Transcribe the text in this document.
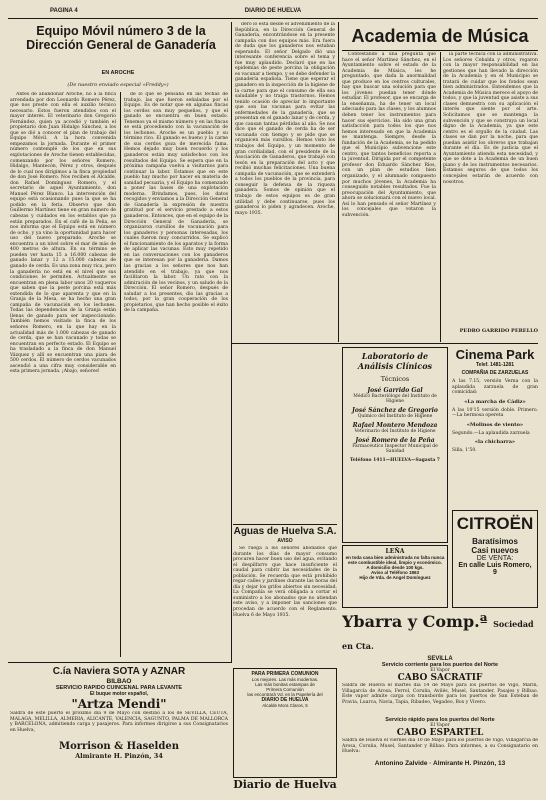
PAGINA 4	DIARIO DE HUELVA
Equipo Móvil número 3 de la Dirección General de Ganadería
EN AROCHE
(De nuestro enviado especial «Freddy»)

Antes de abandonar Aroche, no a la finca arrendada por don Leonardo Romero Pérez, que nos preste con ella el auxilio técnico necesario. Estos fueron atendidos con el mayor interés. El veterinario don Gregorio Fernández, quien ya accedió y también el propietario don Juan Hidalgo Sánchez, a los que se dió a conocer el plan de trabajo del Equipo Móvil. A la hora convenida empezamos la jornada. Durante el primer número contemplé de los que en sus explotaciones de Aroche tienen establecidas, comenzando por los señores Romero, Hidalgo, Mantecón, Pérez y otros, después de lo cual nos dirigimos a la finca propiedad de don José Romero. Nos reciben el Alcalde, don Rafael Domínguez Romero, y el secretario de aquel Ayuntamiento, don Manuel Pérez Blanco. La intervención del equipo está ocasionando pues la que se ha podido en la feria. Observo que don Guillermo Martínez tiene en gran número de cabezas y cuidados en los establos que ya están preparados. En el café de la Peña, se nos informa que el Equipo está en número de ocho, y ya vino la oportunidad para hacer uso del nuevo preparado. Aroche se encuentra a un nivel sobre el mar de más de 400 metros de altura. En su término se pueden ver hasta 15 a 16.000 cabezas de ganado lanar y 12 a 15.000 cabezas de ganado de cerda. Es una zona muy rica, pero la ganadería no está en el nivel que sus condiciones le permiten. Actualmente se encuentran en plena labor unos 20 vaqueros que saben que la peste porcina está más extendida de lo que aparenta y que en la Granja de la Mesa, se ha hecho una gran campaña de vacunación en los lechones. Todas las dependencias de la Granja están llenas de ganado para ser inspeccionado. También hemos visitado la finca de los señores Romero, en la que hay en la actualidad más de 1.000 cabezas de ganado de cerda, que se han vacunado y todas se encuentran en perfecto estado. El Equipo se ha trasladado a la finca de don Manuel Vázquez y allí se encuentran una piara de 500 cerdos. El número de cerdos vacunados ascendió a una cifra muy considerable en esta primera jornada. ¡Abajo, señores!

de lo que se pensaba en las fechas de trabajo, las que fueron señaladas por el Equipo. Es de notar que en algunas fincas los cerdos son muy pequeños, y que el ganado se encuentra en buen estado. Tenemos ya el mismo número y en las fincas se está procediendo con la vacunación de los lechones. Aroche es un pueblo y su término rico. El ganado es bueno y la carne de sus cerdos goza de merecida fama. Hemos dejado muy buen recuerdo y los ganaderos están muy satisfechos con los resultados del Equipo. Se espera que en la próxima campaña vuelva a visitarnos para continuar la labor. Estamos que en este pueblo hay mucho por hacer en materia de sanidad pecuaria, y el Equipo ha comenzado a poner las bases de una explotación moderna. Brindamos, pues, los datos recogidos y enviamos a la Dirección General de Ganadería la expresión de nuestra gratitud por el servicio prestado a estos ganaderos. Entonces, que en el equipo de la Dirección General de Ganadería, se organizaron cursillos de vacunación para los ganaderos y personas interesadas, los cuales fueron muy concurridos. Se explicó el funcionamiento de los aparatos y la forma de aplicar las vacunas. Esto muy repetido en las conversaciones con los ganaderos que se interesan por la ganadería. Damos las gracias a los señores que nos han atendido en el trabajo, ya que nos facilitaron la labor. Un rato con la admiración de los vecinos, y un saludo de la Dirección. El señor Romero, después de saludar a los presentes, dio las gracias a todos, por la gran cooperación de los propietarios, que han hecho posible el éxito de la campaña.

dero lo está desde el advenimiento de la República, en la Dirección General de Ganadería, encontrándose en la presente campaña con dos equipos más. Era fuera de duda que los ganaderos nos estaban esperando. El señor Delgado dió una interesante conferencia sobre el tema y fue muy aplaudido. Declaró que en las epidemias de peste porcina la obligación es vacunar a tiempo, y se debe defender la ganadería española. Tiene que esperar el ganadero en la inspección de la higiene de la carne para que el consumo de ella sea saludable y no traiga trastornos. Hemos tenido ocasión de apreciar lo importante que son las vacunas para evitar las enfermedades de la ganadería, que se presentan en el ganado lanar y de cerda, y que causan tantas pérdidas al año. Se nos dice que el ganado de cerda ha de ser vacunado con tiempo y se pide que se organicen más cursillos. Hemos visto los trabajos del Equipo, y un momento de gran cordialidad, con el presidente de la Asociación de Ganaderos, que trabajó con tesón en la preparación del acto y que recibió muchas felicitaciones. Una buena campaña de vacunación, que se extenderá a todos los pueblos de la provincia, para conseguir la defensa de la riqueza ganadera. Somos de opinión que el trabajo de estos equipos es de gran utilidad y debe continuarse, pues los ganaderos lo piden y agradecen. Aroche, mayo 1935.

Aguas de Huelva S.A.
AVISO

Se ruega a los señores abonados que durante los días de mayor consumo procuren hacer buen uso del agua, evitando el despilfarro que hace insuficiente el caudal para cubrir las necesidades de la población. Se recuerda que está prohibido regar calles y jardines durante las horas del día y dejar los grifos abiertos sin necesidad. La Compañía se verá obligada a cortar el suministro a los abonados que no atiendan este aviso, y a imponer las sanciones que procedan de acuerdo con el Reglamento. Huelva 6 de Mayo 1935.

PARA PRIMERA COMUNION
Los mejores. Las más modernas.
Las más bonitas estampas de
Primera Comunión
las encontrará Vd. en la Papelería del
DIARIO DE HUELVA
Alcalde Mora Claros, 5
Diario de Huelva
Academia de Música

Contestando a una pregunta que hace el señor Martínez Sánchez, en el Ayuntamiento sobre el estado de la Academia de Música, les he preguntado, que dada la anormalidad que produce en los centros culturales, hay que buscar una solución para que los jóvenes puedan tener dónde estudiar. El profesor, que se encarga de la enseñanza, ha de tener un local adecuado para las clases, y los alumnos deben tener los instrumentos para hacer sus ejercicios. Ha sido una gran satisfacción para todos los que nos hemos interesado en que la Academia se mantenga. Siempre, desde la fundación de la Academia, se ha pedido que el Municipio subvencione este centro, que tantos beneficios reporta a la juventud. Dirigida por el competente profesor don Eduardo Sánchez Ríos, con un plan de estudios bien organizado, y el alumnado compuesto por muchos jóvenes, la Academia ha conseguido notables resultados. Fue la preocupación del Ayuntamiento, que ahora se solucionará con el nuevo local. Así lo han pensado el señor Martínez y los concejales que votaron la subvención.

la parte técnica con la administrativa. Los señores Cebalda y otros, rogaron con la mayor responsabilidad en las gestiones que han llevado la dirección de la Academia y en el Municipio se tratará de cuidar que los fondos sean bien administrados. Entendemos que la Academia de Música merece el apoyo de todos, y que la juventud que asiste a sus clases demuestra con su aplicación el interés que siente por el arte. Solicitamos que se mantenga la subvención y que se construya un local digno de la Academia, ya que este centro es el orgullo de la ciudad. Las clases se dan por la noche, para que puedan asistir los obreros que trabajan durante el día. Es de justicia que el Ayuntamiento atienda esta necesidad, y que se dote a la Academia de un buen piano y de los instrumentos necesarios. Estamos seguros de que todos los concejales estarán de acuerdo con nosotros.

PEDRO GARRIDO PERELLÓ
Laboratorio de Análisis Clínicos
Técnicos
José Garrido Gal
Médico Bacteriólogo del Instituto de Higiene
José Sánchez de Gregorio
Químico del Instituto de Higiene
Rafael Montero Mendoza
Veterinario del Instituto de Higiene
José Romero de la Peña
Farmacéutico Inspector Municipal de Sanidad
Teléfono 1411—HUELVA—Sagasta 7
LEÑA
en toda casa bien administrada no falta nunca este combustible ideal, limpio y económico.
A domicilio desde 100 kgs.
Aviso al Teléfono 1863
Hijo de Vda. de Angel Domínguez
Cinema Park
Telef. 1481-1281
COMPAÑIA DE ZARZUELAS
A las 7.15, versión Verna con la aplaudida zarzuela de gran comicidad:
«La marcha de Cádiz»
A las 10'15 versión doble. Primero.—La hermosa opereta
«Molinos de viento»
Segundo.—La aplaudida zarzuela
«la chicharra»
Silla, 1'50.
CITROËN
Baratísimos
Casi nuevos
DE VENTA:
En calle Luis Romero, 9
Ybarra y Comp.ª Sociedad en Cta.
SEVILLA
Servicio corriente para los puertos del Norte
El Vapor
CABO SACRATIF
Saldrá de Huelva el martes día 14 de Mayo para los puertos de Vigo, Marín, Villagarcía de Arosa, Ferrol, Coruña, Avilés, Musel, Santander, Pasajes y Bilbao. Este vapor admite carga con transbordo para los puertos de San Esteban de Pravia, Luarca, Navia, Tapia, Ribadeo, Vegadeo, Box y Vivero.
Servicio rápido para los puertos del Norte
El Vapor
CABO ESPARTEL
Saldrá de Huelva el viernes día 10 de Mayo para los puertos de Vigo, Villagarcía de Arosa, Coruña, Musel, Santander y Bilbao. Para informes, a su Consignatario en Huelva:
Antonino Zalvide · Almirante H. Pinzón, 13
C.ía Naviera SOTA y AZNAR
BILBAO
SERVICIO RAPIDO CUINCENAL PARA LEVANTE
El buque motor español,
"Artza Mendi"
Saldrá de este puerto el próximo día 9 de Mayo con destino a los de SEVILLA, CEUTA, MALAGA, MELILLA, ALMERIA, ALICANTE, VALENCIA, SAGUNTO, PALMA DE MALLORCA y BARCELONA, admitiendo carga y pasajeros. Para informes dirigirse a sus Consignatarios en Huelva,
Morrison & Haselden
Almirante H. Pinzón, 34
